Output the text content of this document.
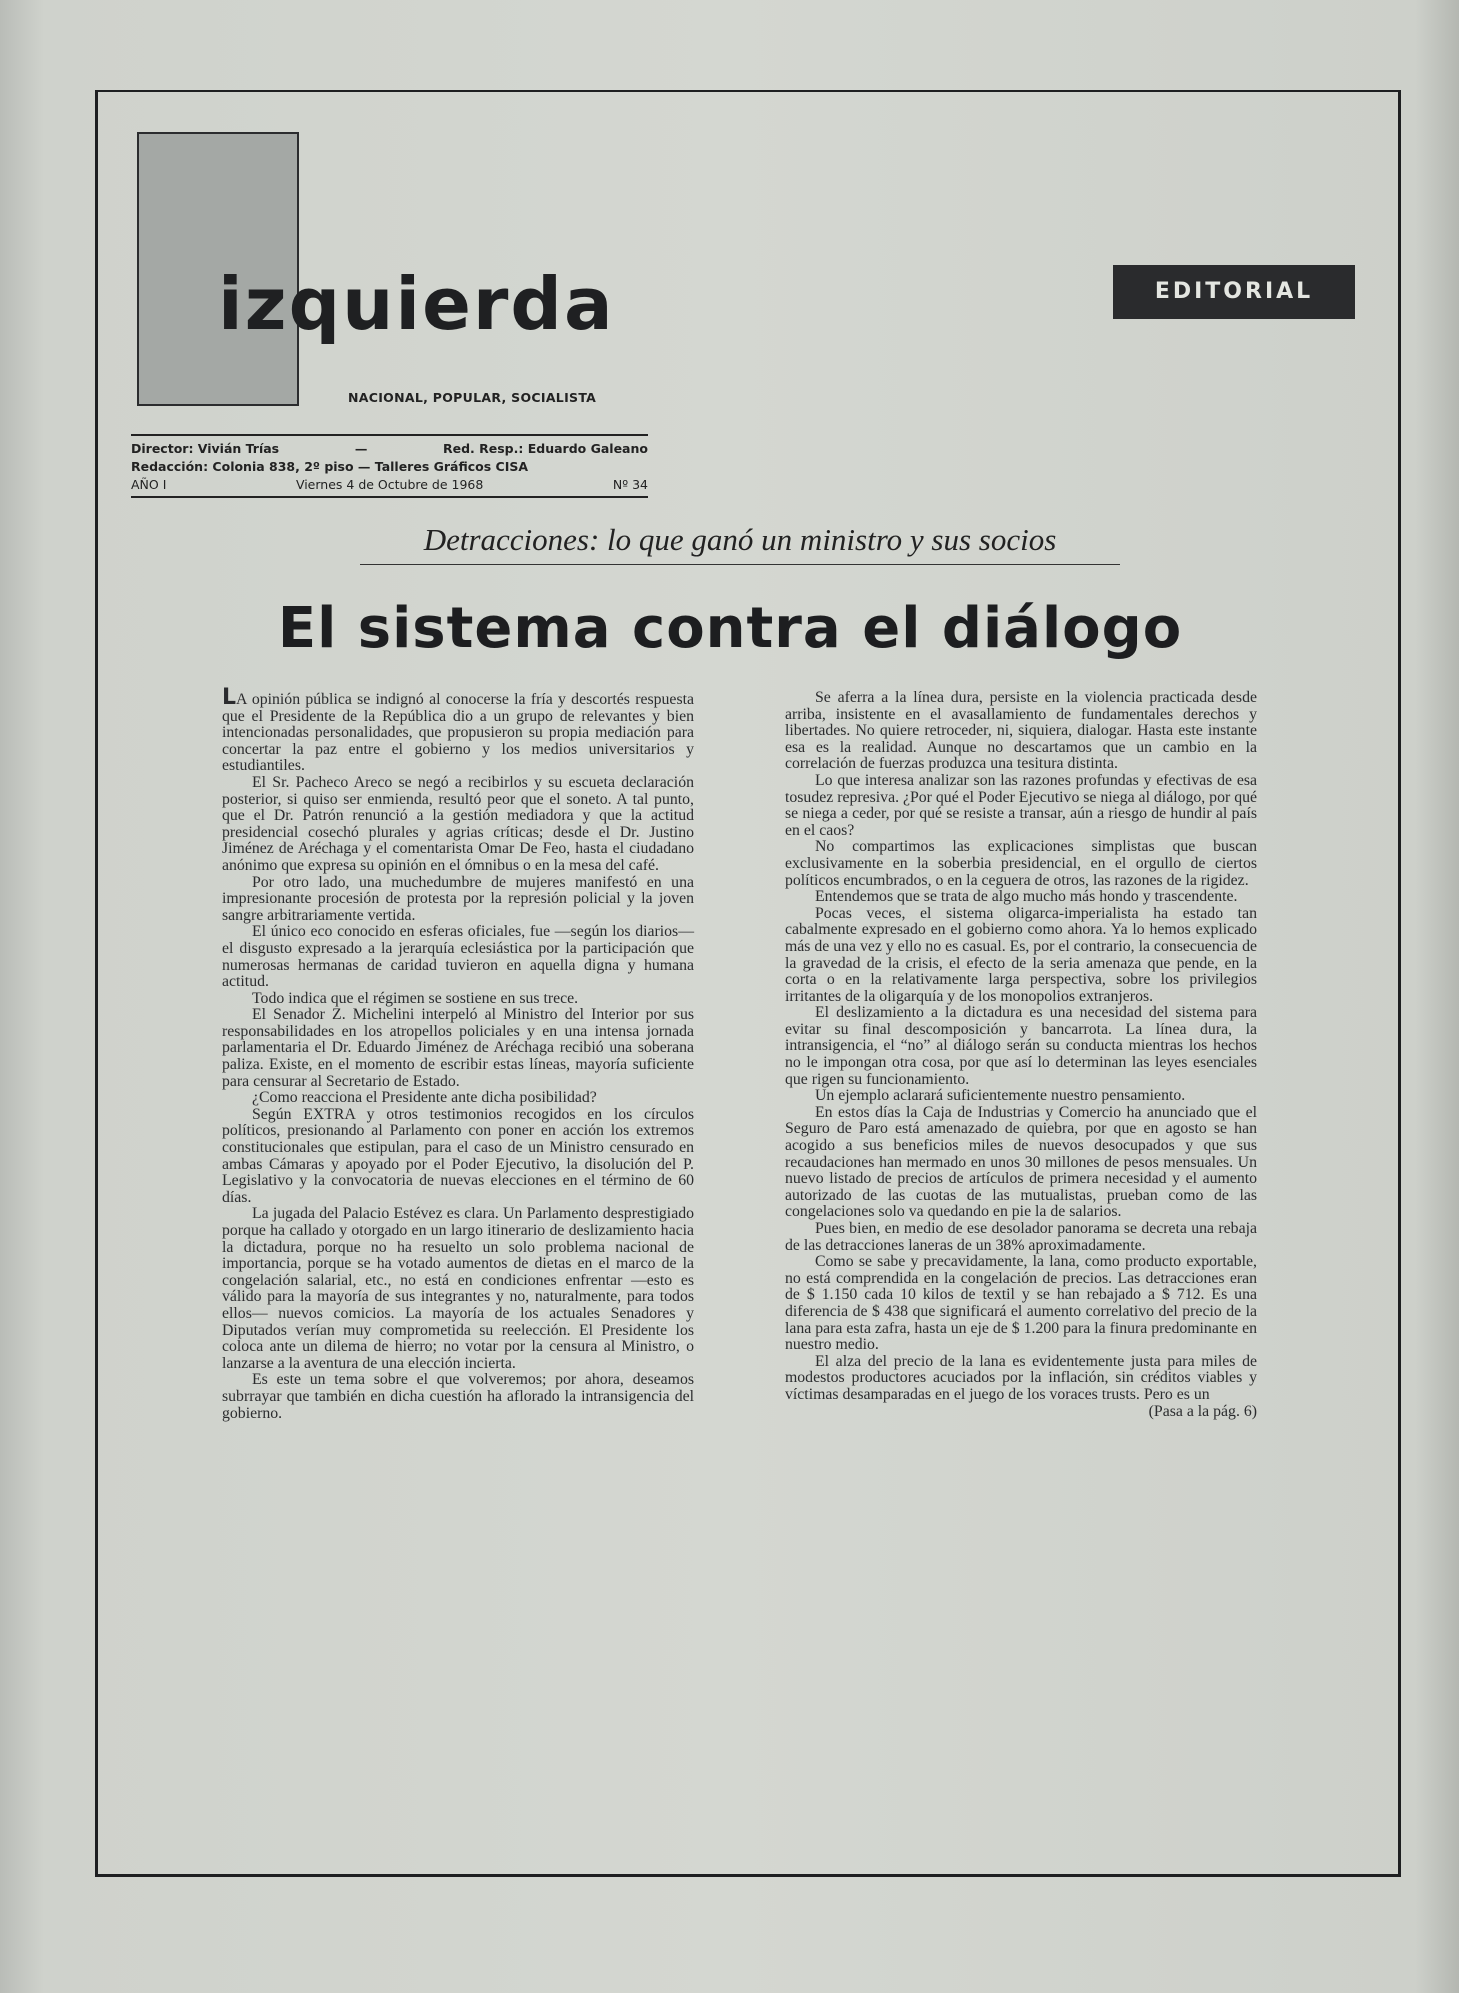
izquierda
NACIONAL, POPULAR, SOCIALISTA
EDITORIAL
Director: Vivián Trías	—	Red. Resp.: Eduardo Galeano
Redacción: Colonia 838, 2º piso — Talleres Gráficos CISA
AÑO I	Viernes 4 de Octubre de 1968	Nº 34
Detracciones: lo que ganó un ministro y sus socios
El sistema contra el diálogo

LA opinión pública se indignó al conocerse la fría y descortés respuesta que el Presidente de la República dio a un grupo de relevantes y bien intencionadas personalidades, que propusieron su propia mediación para concertar la paz entre el gobierno y los medios universitarios y estudiantiles.

El Sr. Pacheco Areco se negó a recibirlos y su escueta declaración posterior, si quiso ser enmienda, resultó peor que el soneto. A tal punto, que el Dr. Patrón renunció a la gestión mediadora y que la actitud presidencial cosechó plurales y agrias críticas; desde el Dr. Justino Jiménez de Aréchaga y el comentarista Omar De Feo, hasta el ciudadano anónimo que expresa su opinión en el ómnibus o en la mesa del café.

Por otro lado, una muchedumbre de mujeres manifestó en una impresionante procesión de protesta por la represión policial y la joven sangre arbitrariamente vertida.

El único eco conocido en esferas oficiales, fue —según los diarios— el disgusto expresado a la jerarquía eclesiástica por la participación que numerosas hermanas de caridad tuvieron en aquella digna y humana actitud.

Todo indica que el régimen se sostiene en sus trece.

El Senador Z. Michelini interpeló al Ministro del Interior por sus responsabilidades en los atropellos policiales y en una intensa jornada parlamentaria el Dr. Eduardo Jiménez de Aréchaga recibió una soberana paliza. Existe, en el momento de escribir estas líneas, mayoría suficiente para censurar al Secretario de Estado.

¿Como reacciona el Presidente ante dicha posibilidad?

Según EXTRA y otros testimonios recogidos en los círculos políticos, presionando al Parlamento con poner en acción los extremos constitucionales que estipulan, para el caso de un Ministro censurado en ambas Cámaras y apoyado por el Poder Ejecutivo, la disolución del P. Legislativo y la convocatoria de nuevas elecciones en el término de 60 días.

La jugada del Palacio Estévez es clara. Un Parlamento desprestigiado porque ha callado y otorgado en un largo itinerario de deslizamiento hacia la dictadura, porque no ha resuelto un solo problema nacional de importancia, porque se ha votado aumentos de dietas en el marco de la congelación salarial, etc., no está en condiciones enfrentar —esto es válido para la mayoría de sus integrantes y no, naturalmente, para todos ellos— nuevos comicios. La mayoría de los actuales Senadores y Diputados verían muy comprometida su reelección. El Presidente los coloca ante un dilema de hierro; no votar por la censura al Ministro, o lanzarse a la aventura de una elección incierta.

Es este un tema sobre el que volveremos; por ahora, deseamos subrrayar que también en dicha cuestión ha aflorado la intransigencia del gobierno.

Se aferra a la línea dura, persiste en la violencia practicada desde arriba, insistente en el avasallamiento de fundamentales derechos y libertades. No quiere retroceder, ni, siquiera, dialogar. Hasta este instante esa es la realidad. Aunque no descartamos que un cambio en la correlación de fuerzas produzca una tesitura distinta.

Lo que interesa analizar son las razones profundas y efectivas de esa tosudez represiva. ¿Por qué el Poder Ejecutivo se niega al diálogo, por qué se niega a ceder, por qué se resiste a transar, aún a riesgo de hundir al país en el caos?

No compartimos las explicaciones simplistas que buscan exclusivamente en la soberbia presidencial, en el orgullo de ciertos políticos encumbrados, o en la ceguera de otros, las razones de la rigidez.

Entendemos que se trata de algo mucho más hondo y trascendente.

Pocas veces, el sistema oligarca-imperialista ha estado tan cabalmente expresado en el gobierno como ahora. Ya lo hemos explicado más de una vez y ello no es casual. Es, por el contrario, la consecuencia de la gravedad de la crisis, el efecto de la seria amenaza que pende, en la corta o en la relativamente larga perspectiva, sobre los privilegios irritantes de la oligarquía y de los monopolios extranjeros.

El deslizamiento a la dictadura es una necesidad del sistema para evitar su final descomposición y bancarrota. La línea dura, la intransigencia, el “no” al diálogo serán su conducta mientras los hechos no le impongan otra cosa, por que así lo determinan las leyes esenciales que rigen su funcionamiento.

Un ejemplo aclarará suficientemente nuestro pensamiento.

En estos días la Caja de Industrias y Comercio ha anunciado que el Seguro de Paro está amenazado de quiebra, por que en agosto se han acogido a sus beneficios miles de nuevos desocupados y que sus recaudaciones han mermado en unos 30 millones de pesos mensuales. Un nuevo listado de precios de artículos de primera necesidad y el aumento autorizado de las cuotas de las mutualistas, prueban como de las congelaciones solo va quedando en pie la de salarios.

Pues bien, en medio de ese desolador panorama se decreta una rebaja de las detracciones laneras de un 38% aproximadamente.

Como se sabe y precavidamente, la lana, como producto exportable, no está comprendida en la congelación de precios. Las detracciones eran de $ 1.150 cada 10 kilos de textil y se han rebajado a $ 712. Es una diferencia de $ 438 que significará el aumento correlativo del precio de la lana para esta zafra, hasta un eje de $ 1.200 para la finura predominante en nuestro medio.

El alza del precio de la lana es evidentemente justa para miles de modestos productores acuciados por la inflación, sin créditos viables y víctimas desamparadas en el juego de los voraces trusts. Pero es un

(Pasa a la pág. 6)
